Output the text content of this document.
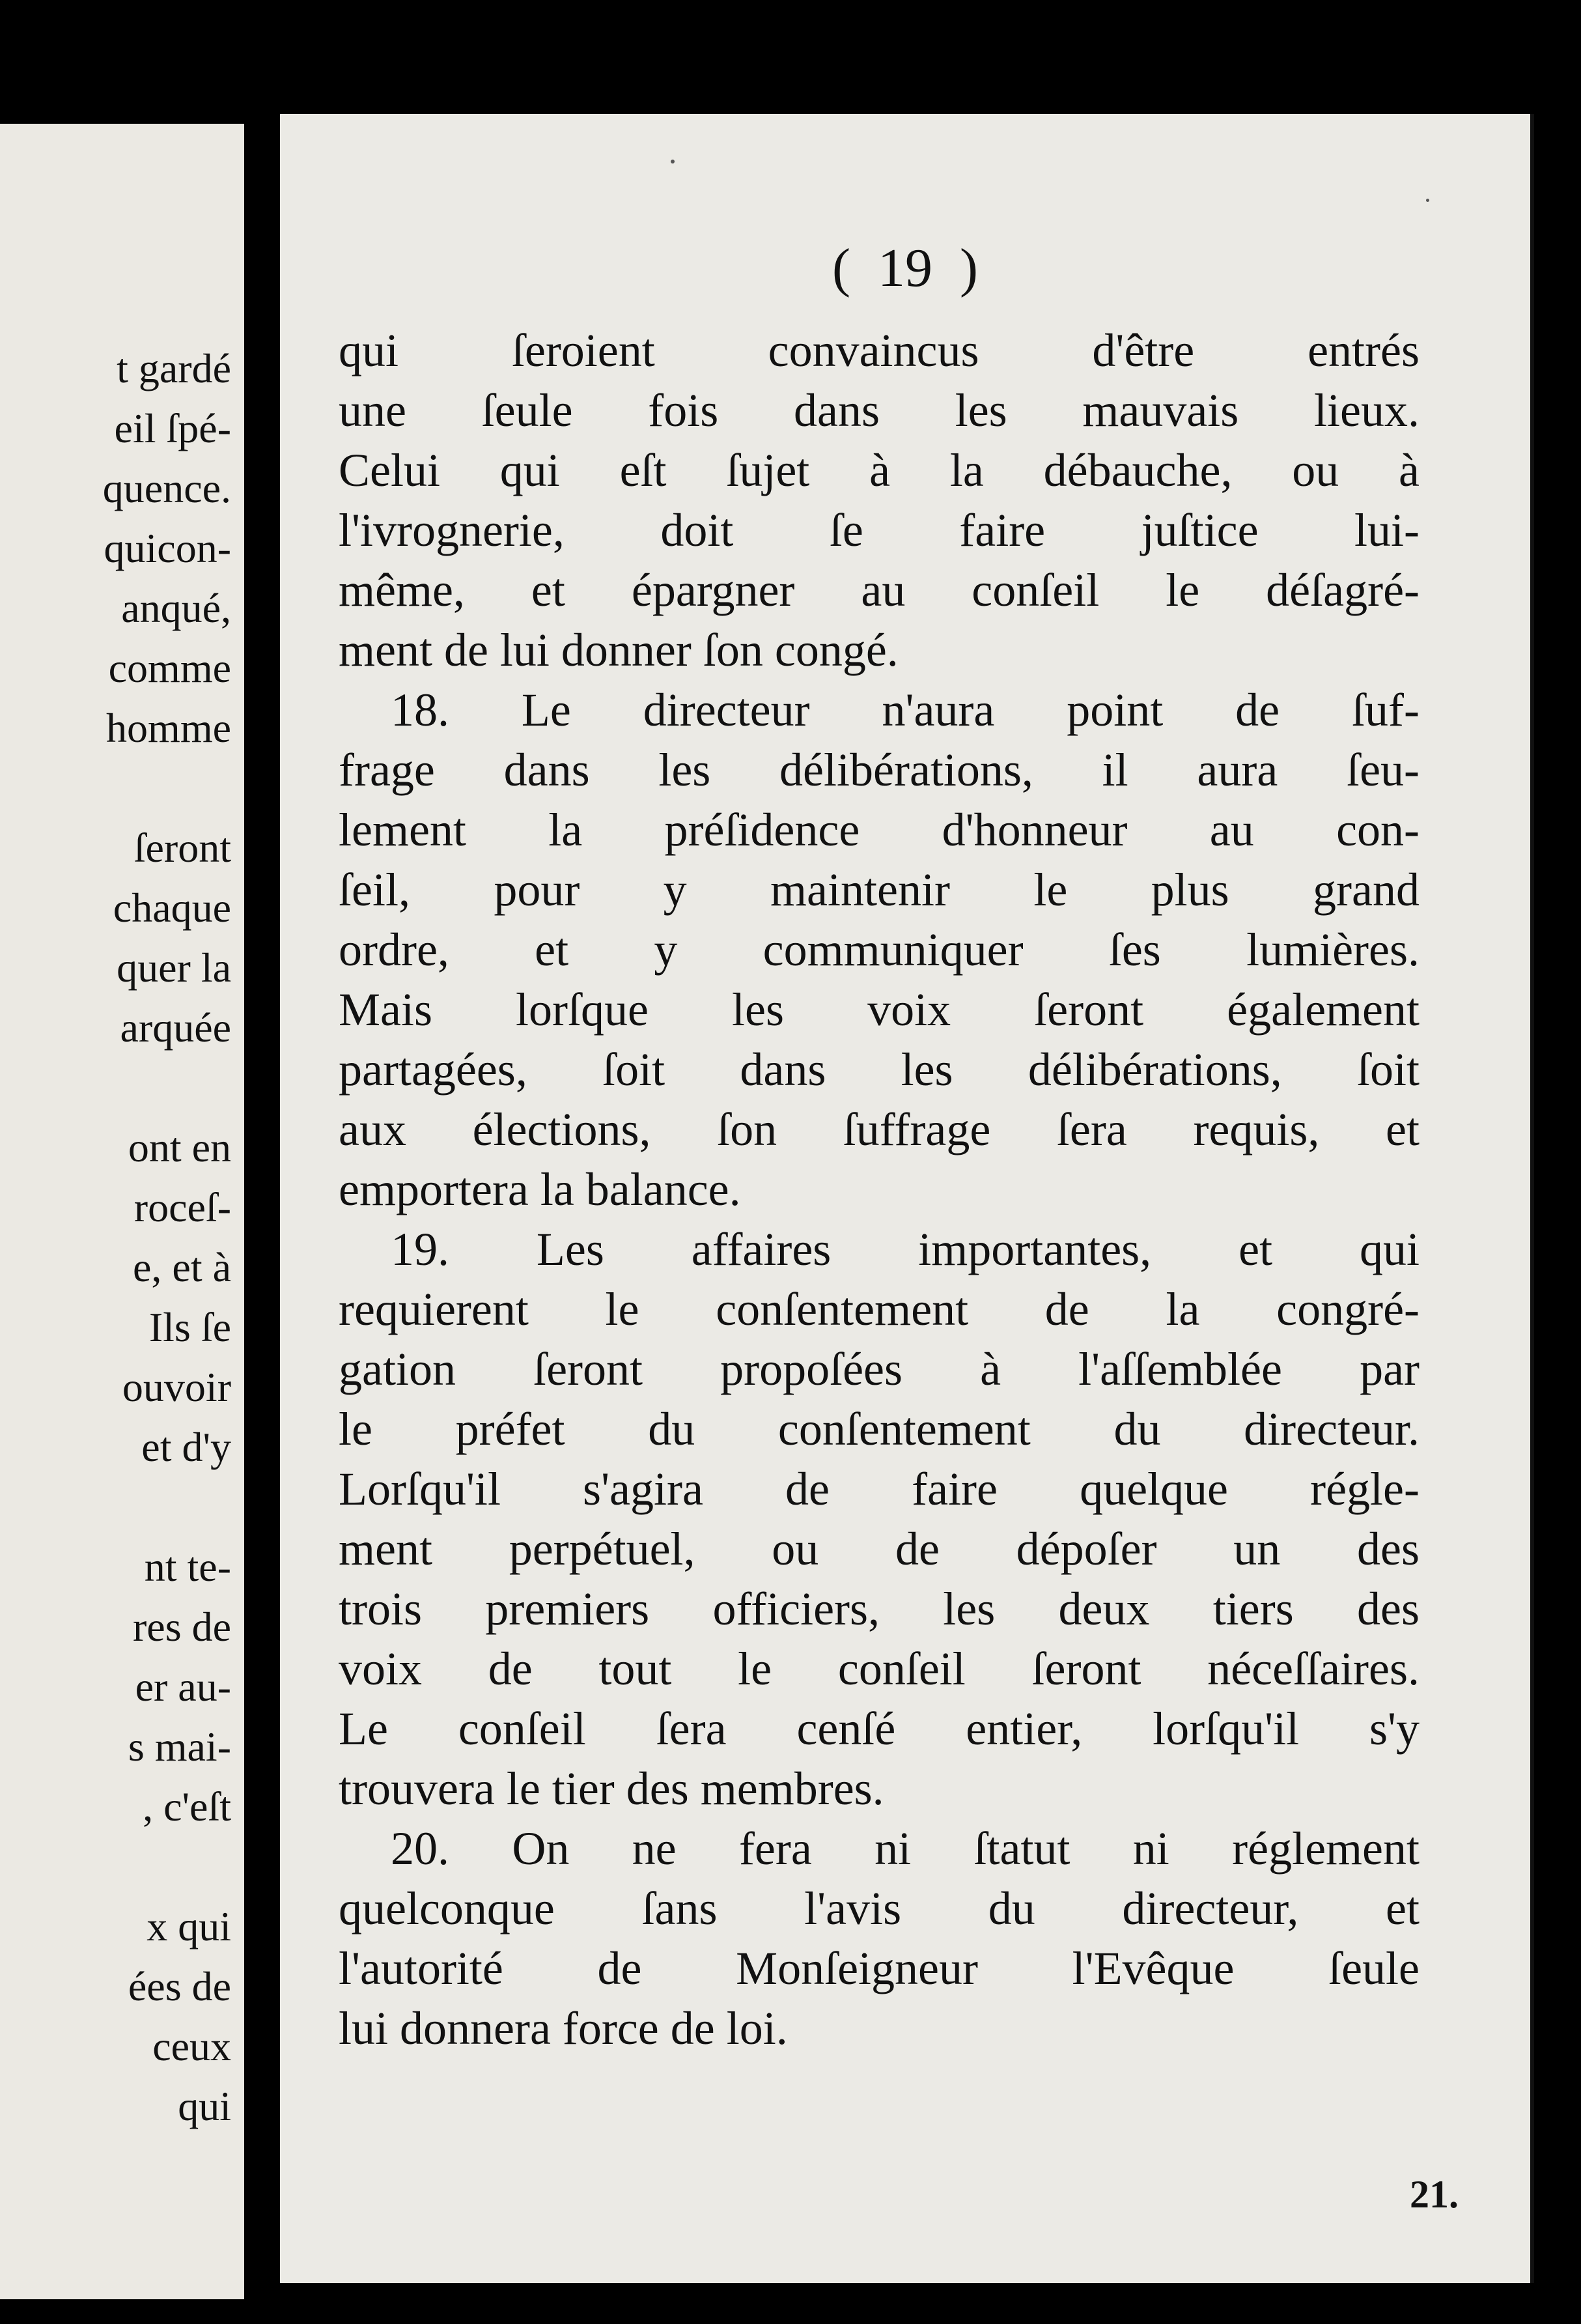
t gardé
eil ſpé-
quence.
quicon-
anqué,
comme
homme
ſeront
chaque
quer la
arquée
ont en
roceſ-
e, et à
Ils ſe
ouvoir
et d'y
nt te-
res de
er au-
s mai-
, c'eſt
x qui
ées de
ceux
qui
(  19  )
qui ſeroient convaincus d'être entrés
une ſeule fois dans les mauvais lieux.
Celui qui eſt ſujet à la débauche, ou à
l'ivrognerie, doit ſe faire juſtice lui-
même, et épargner au conſeil le déſagré-
ment de lui donner ſon congé.
18. Le directeur n'aura point de ſuf-
frage dans les délibérations, il aura ſeu-
lement la préſidence d'honneur au con-
ſeil, pour y maintenir le plus grand
ordre, et y communiquer ſes lumières.
Mais lorſque les voix ſeront également
partagées, ſoit dans les délibérations, ſoit
aux élections, ſon ſuffrage ſera requis, et
emportera la balance.
19. Les affaires importantes, et qui
requierent le conſentement de la congré-
gation ſeront propoſées à l'aſſemblée par
le préfet du conſentement du directeur.
Lorſqu'il s'agira de faire quelque régle-
ment perpétuel, ou de dépoſer un des
trois premiers officiers, les deux tiers des
voix de tout le conſeil ſeront néceſſaires.
Le conſeil ſera cenſé entier, lorſqu'il s'y
trouvera le tier des membres.
20. On ne fera ni ſtatut ni réglement
quelconque ſans l'avis du directeur, et
l'autorité de Monſeigneur l'Evêque ſeule
lui donnera force de loi.
21.
